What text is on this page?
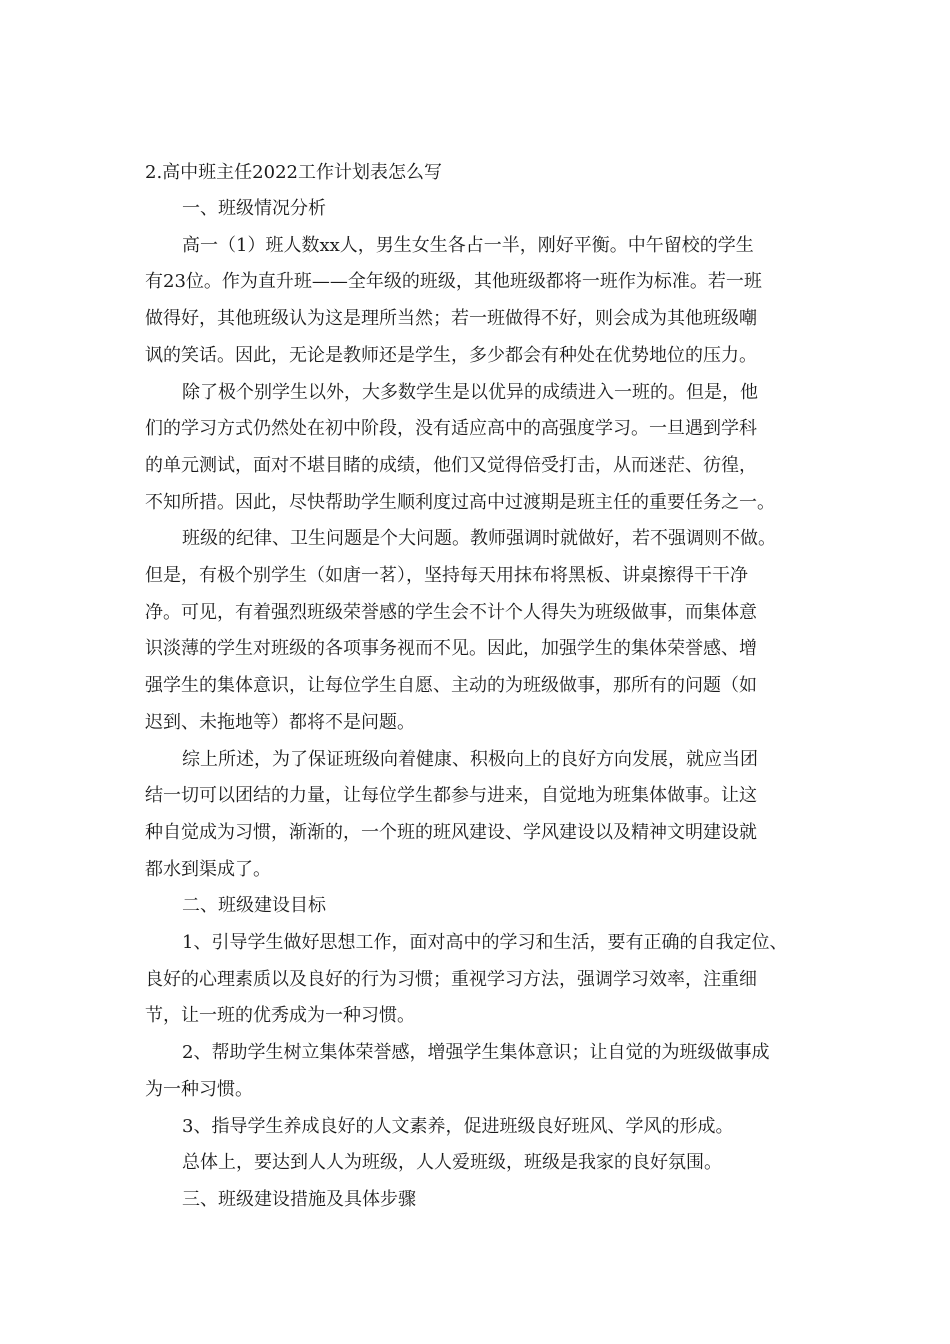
2.高中班主任2022工作计划表怎么写

一、班级情况分析

高一（1）班人数xx人，男生女生各占一半，刚好平衡。中午留校的学生

有23位。作为直升班——全年级的班级，其他班级都将一班作为标准。若一班

做得好，其他班级认为这是理所当然；若一班做得不好，则会成为其他班级嘲

讽的笑话。因此，无论是教师还是学生，多少都会有种处在优势地位的压力。

除了极个别学生以外，大多数学生是以优异的成绩进入一班的。但是，他

们的学习方式仍然处在初中阶段，没有适应高中的高强度学习。一旦遇到学科

的单元测试，面对不堪目睹的成绩，他们又觉得倍受打击，从而迷茫、彷徨，

不知所措。因此，尽快帮助学生顺利度过高中过渡期是班主任的重要任务之一。

班级的纪律、卫生问题是个大问题。教师强调时就做好，若不强调则不做。

但是，有极个别学生（如唐一茗），坚持每天用抹布将黑板、讲桌擦得干干净

净。可见，有着强烈班级荣誉感的学生会不计个人得失为班级做事，而集体意

识淡薄的学生对班级的各项事务视而不见。因此，加强学生的集体荣誉感、增

强学生的集体意识，让每位学生自愿、主动的为班级做事，那所有的问题（如

迟到、未拖地等）都将不是问题。

综上所述，为了保证班级向着健康、积极向上的良好方向发展，就应当团

结一切可以团结的力量，让每位学生都参与进来，自觉地为班集体做事。让这

种自觉成为习惯，渐渐的，一个班的班风建设、学风建设以及精神文明建设就

都水到渠成了。

二、班级建设目标

1、引导学生做好思想工作，面对高中的学习和生活，要有正确的自我定位、

良好的心理素质以及良好的行为习惯；重视学习方法，强调学习效率，注重细

节，让一班的优秀成为一种习惯。

2、帮助学生树立集体荣誉感，增强学生集体意识；让自觉的为班级做事成

为一种习惯。

3、指导学生养成良好的人文素养，促进班级良好班风、学风的形成。

总体上，要达到人人为班级，人人爱班级，班级是我家的良好氛围。

三、班级建设措施及具体步骤
